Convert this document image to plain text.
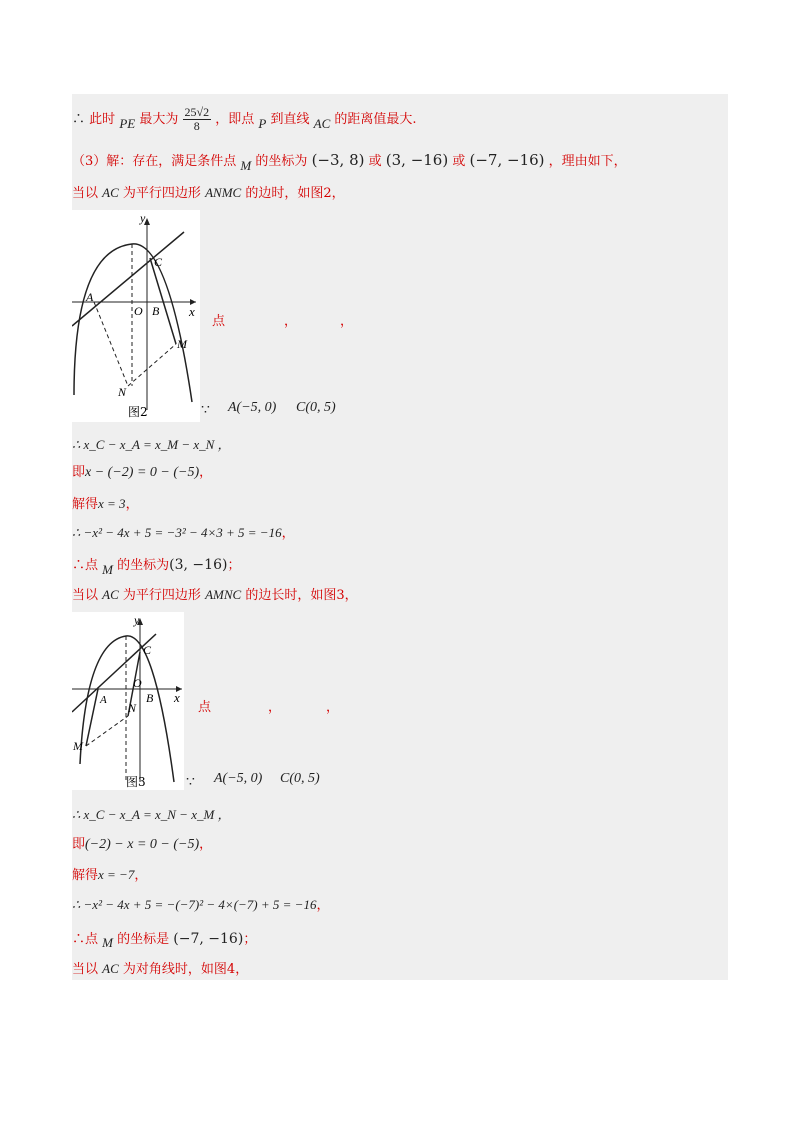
∴ 此时 PE 最大为 $\frac{25√2}{8}$ ，即点 P 到直线 AC 的距离值最大.
（3）解：存在，满足条件点 M 的坐标为 (−3, 8) 或 (3, −16) 或 (−7, −16) ，理由如下，
当以 AC 为平行四边形 ANMC 的边时，如图2，
y
x
A
O B
C
M
N
图2
点	，	，
∵ A(−5, 0) C(0, 5)
∴ x_C − x_A = x_M − x_N ，
即x − (−2) = 0 − (−5)，
解得x = 3，
∴ −x² − 4x + 5 = −3² − 4×3 + 5 = −16，
∴点 M 的坐标为(3, −16)；
当以 AC 为平行四边形 AMNC 的边长时，如图3，
y
x
A
O
B
C
M
N
图3
点	，	，
∵ A(−5, 0) C(0, 5)
∴ x_C − x_A = x_N − x_M ，
即(−2) − x = 0 − (−5)，
解得x = −7，
∴ −x² − 4x + 5 = −(−7)² − 4×(−7) + 5 = −16，
∴点 M 的坐标是 (−7, −16)；
当以 AC 为对角线时，如图4，
